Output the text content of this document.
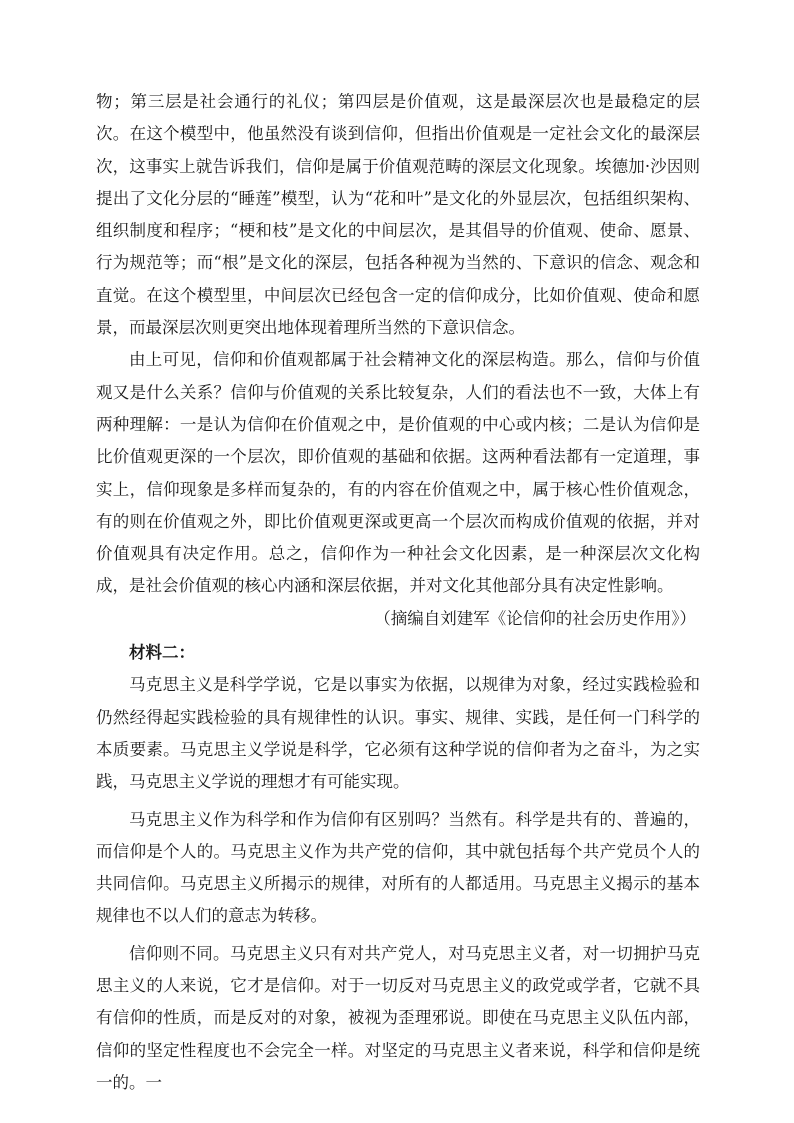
物；第三层是社会通行的礼仪；第四层是价值观，这是最深层次也是最稳定的层次。在这个模型中，他虽然没有谈到信仰，但指出价值观是一定社会文化的最深层次，这事实上就告诉我们，信仰是属于价值观范畴的深层文化现象。埃德加·沙因则提出了文化分层的“睡莲”模型，认为“花和叶”是文化的外显层次，包括组织架构、组织制度和程序；“梗和枝”是文化的中间层次，是其倡导的价值观、使命、愿景、行为规范等；而“根”是文化的深层，包括各种视为当然的、下意识的信念、观念和直觉。在这个模型里，中间层次已经包含一定的信仰成分，比如价值观、使命和愿景，而最深层次则更突出地体现着理所当然的下意识信念。

由上可见，信仰和价值观都属于社会精神文化的深层构造。那么，信仰与价值观又是什么关系？信仰与价值观的关系比较复杂，人们的看法也不一致，大体上有两种理解：一是认为信仰在价值观之中，是价值观的中心或内核；二是认为信仰是比价值观更深的一个层次，即价值观的基础和依据。这两种看法都有一定道理，事实上，信仰现象是多样而复杂的，有的内容在价值观之中，属于核心性价值观念，有的则在价值观之外，即比价值观更深或更高一个层次而构成价值观的依据，并对价值观具有决定作用。总之，信仰作为一种社会文化因素，是一种深层次文化构成，是社会价值观的核心内涵和深层依据，并对文化其他部分具有决定性影响。

（摘编自刘建军《论信仰的社会历史作用》）

材料二：

马克思主义是科学学说，它是以事实为依据，以规律为对象，经过实践检验和仍然经得起实践检验的具有规律性的认识。事实、规律、实践，是任何一门科学的本质要素。马克思主义学说是科学，它必须有这种学说的信仰者为之奋斗，为之实践，马克思主义学说的理想才有可能实现。

马克思主义作为科学和作为信仰有区别吗？当然有。科学是共有的、普遍的，而信仰是个人的。马克思主义作为共产党的信仰，其中就包括每个共产党员个人的共同信仰。马克思主义所揭示的规律，对所有的人都适用。马克思主义揭示的基本规律也不以人们的意志为转移。

信仰则不同。马克思主义只有对共产党人，对马克思主义者，对一切拥护马克思主义的人来说，它才是信仰。对于一切反对马克思主义的政党或学者，它就不具有信仰的性质，而是反对的对象，被视为歪理邪说。即使在马克思主义队伍内部，信仰的坚定性程度也不会完全一样。对坚定的马克思主义者来说，科学和信仰是统一的。一
